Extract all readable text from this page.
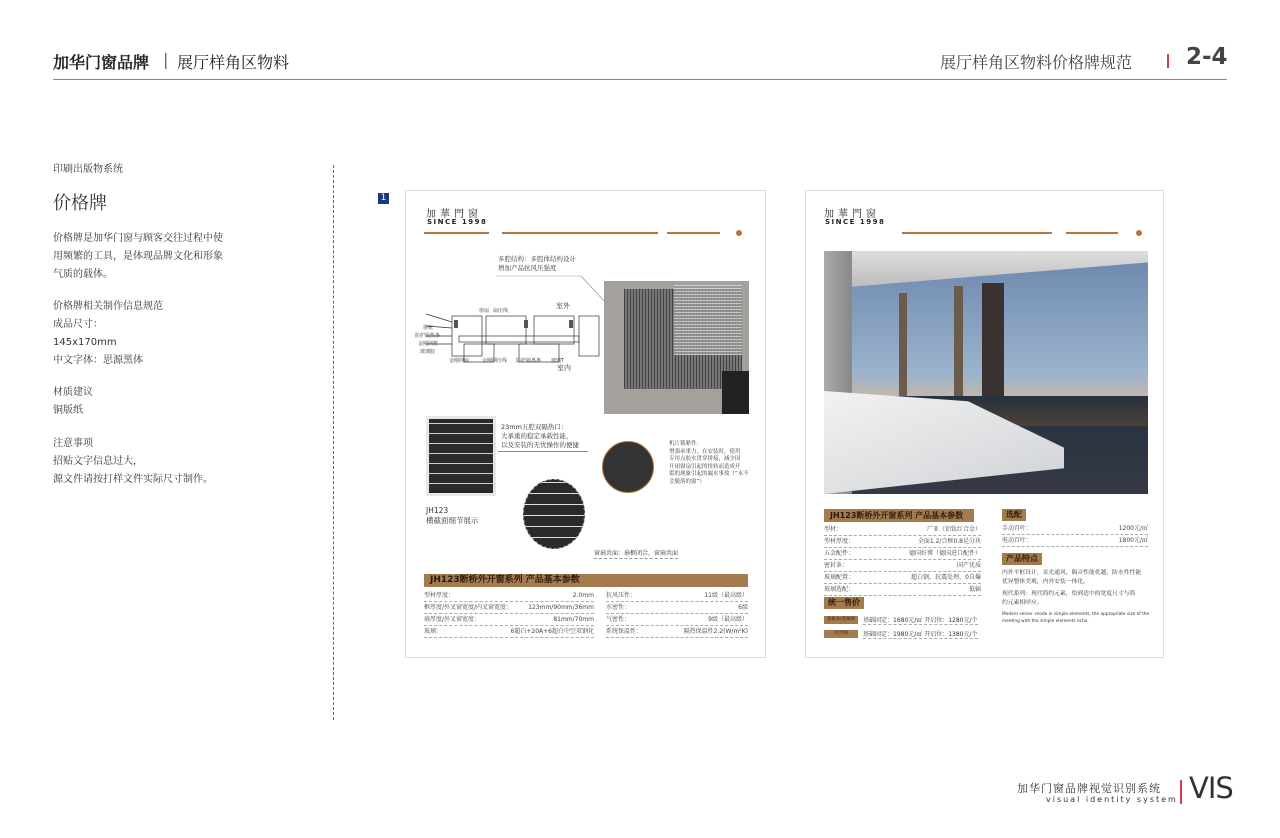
加华门窗品牌 | 展厅样角区物料	展厅样角区物料价格牌规范 2-4
印刷出版物系统
价格牌
价格牌是加华门窗与顾客交往过程中使
用频繁的工具，是体现品牌文化和形象
气质的载体。
价格牌相关制作信息规范
成品尺寸：
145x170mm
中文字体：思源黑体
材质建议
铜版纸
注意事项
招贴文字信息过大，
源文件请按打样文件实际尺寸制作。
1
加華門窗
SINCE 1998
多腔结构：多腔体结构设计
增加产品抗风压强度
室外
室内
窗扇 扇压线
窗框
防护隔热条
金刚网框
玻璃胶
金刚网扇	金刚网压线 防护隔离条 玻璃T
23mm五腔双隔热口：
大承重的稳定承载性能，
以及安装的无忧操作的便捷
JH123
横截面细节展示
机片锁紧件：
增强承重力，在安装时，使用
专用点胶水贯穿拼接，减少因
开闭窗扇引起的扭转而造成开
裂的现象引起的漏水事故（“永不
会脱落的窗”）
窗扇共面：扇框闭合，窗扇共面
JH123断桥外开窗系列 产品基本参数
型材厚度：	2.0mm 抗风压性：	11级（最高级）
框厚度/外叉窗宽度/内叉窗宽度：	123mm/90mm/36mm 水密性：	6级
扇厚度/外叉窗宽度：	81mm/70mm 气密性：	9级（最高级）
玻璃：	6超白+20A+6超白中空双钢化 系统保温性：	隔热保温性2.2(W/m²K)
加華門窗
SINCE 1998
JH123断桥外开窗系列 产品基本参数
型材：	广亚（铝钛红合金）
型材厚度：	全面1.2/合框0.8是分块
五金配件：	德国好博（德国进口配件）
密封条：	国产优质
玻璃配置：	超白钢，抗震处理，0自爆
玻璃选配：	低辐
统一售价
金属本/金属网	基础固定：1680元/㎡ 开启位：1280元/个
层空网	基础固定：1980元/㎡ 开启位：1380元/个
选配
手动百叶：	1200元/㎡
电动百叶：	1800元/㎡
产品特点
内外平框设计，采光通风，隔音性能优越，防水性性能
优异整体美观，内外安装一体化。
现代系列：现代简约元素，恰到适中的宽度尺寸与简
约元素相呼应。
Modern series: mode in simple elements, the appropriate size of the
meeting with the simple elements echo.
加华门窗品牌视觉识别系统
visual identity system VIS
